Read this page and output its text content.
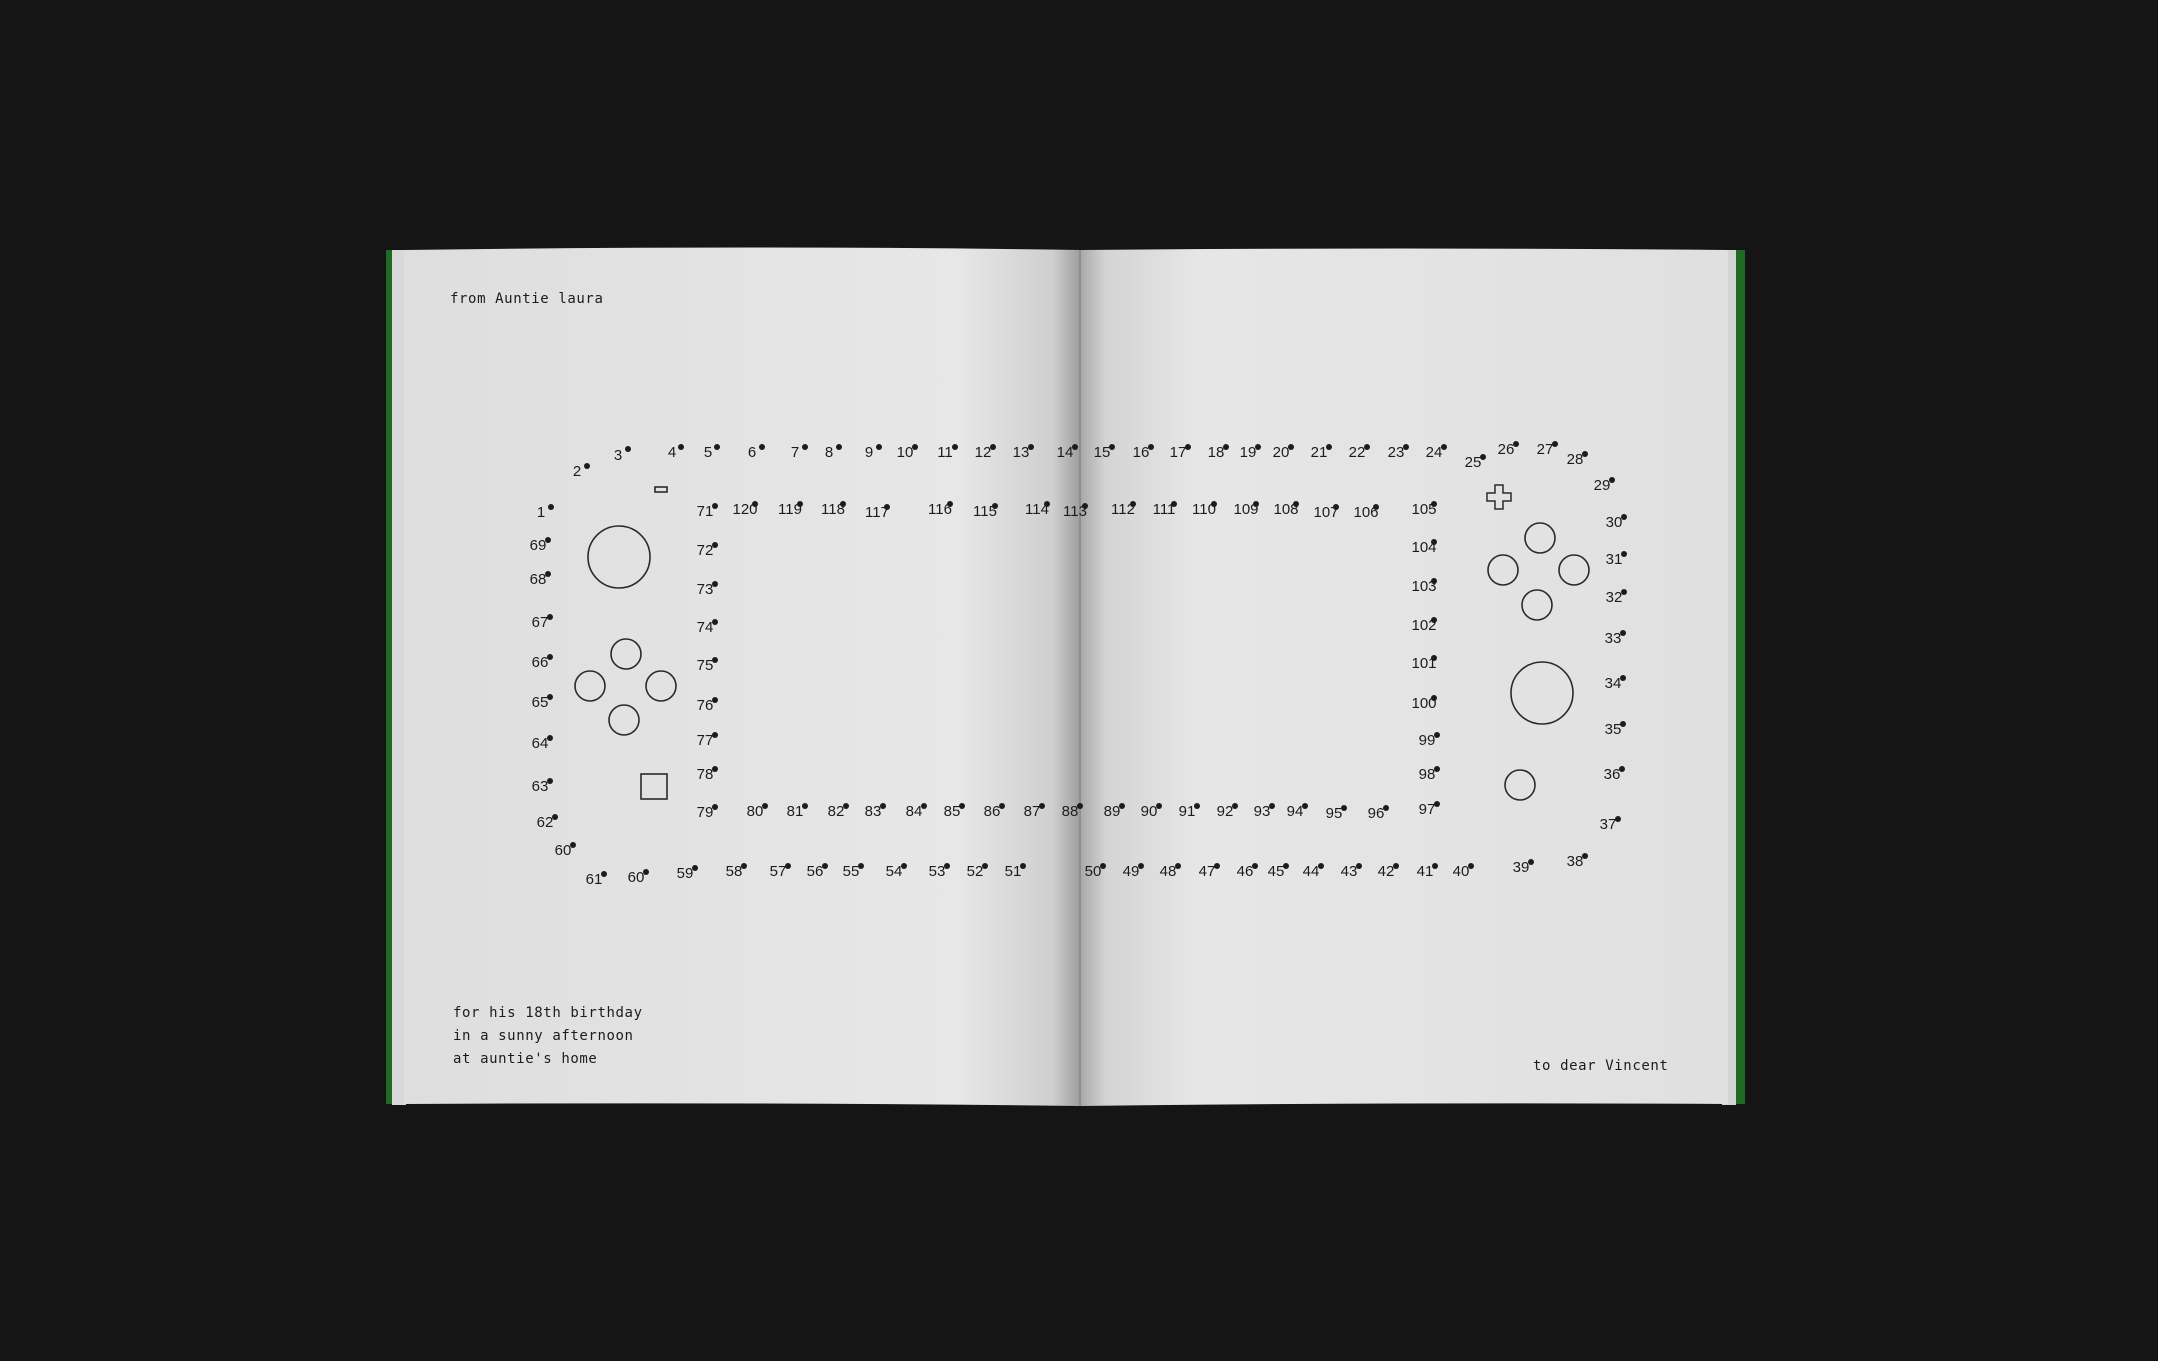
1
2
3	4 5 6 7 8 9 10 11 12 13 14 15 16 17 18 19 20 21 22 23 24
25
26 27
28
29
30
31
32
33
34
35
36
37
38
39
40
41
42
43
44
45
46
47
48
49
50
51
52
53
54
55
56
57
58
59
60
61
60
62
63
64
65
66
67
68
69
71
72
73
74
75
76
77
78
79 80 81 82 83 84 85 86 87 88 89 90 91 92 93 94 95 96 97
98
99
100
101
102
103
104
105
106
107
108
109
110
111
112
113
114
115
116
117
118
119
120
from Auntie laura
for his 18th birthday
in a sunny afternoon
at auntie's home	to dear Vincent
